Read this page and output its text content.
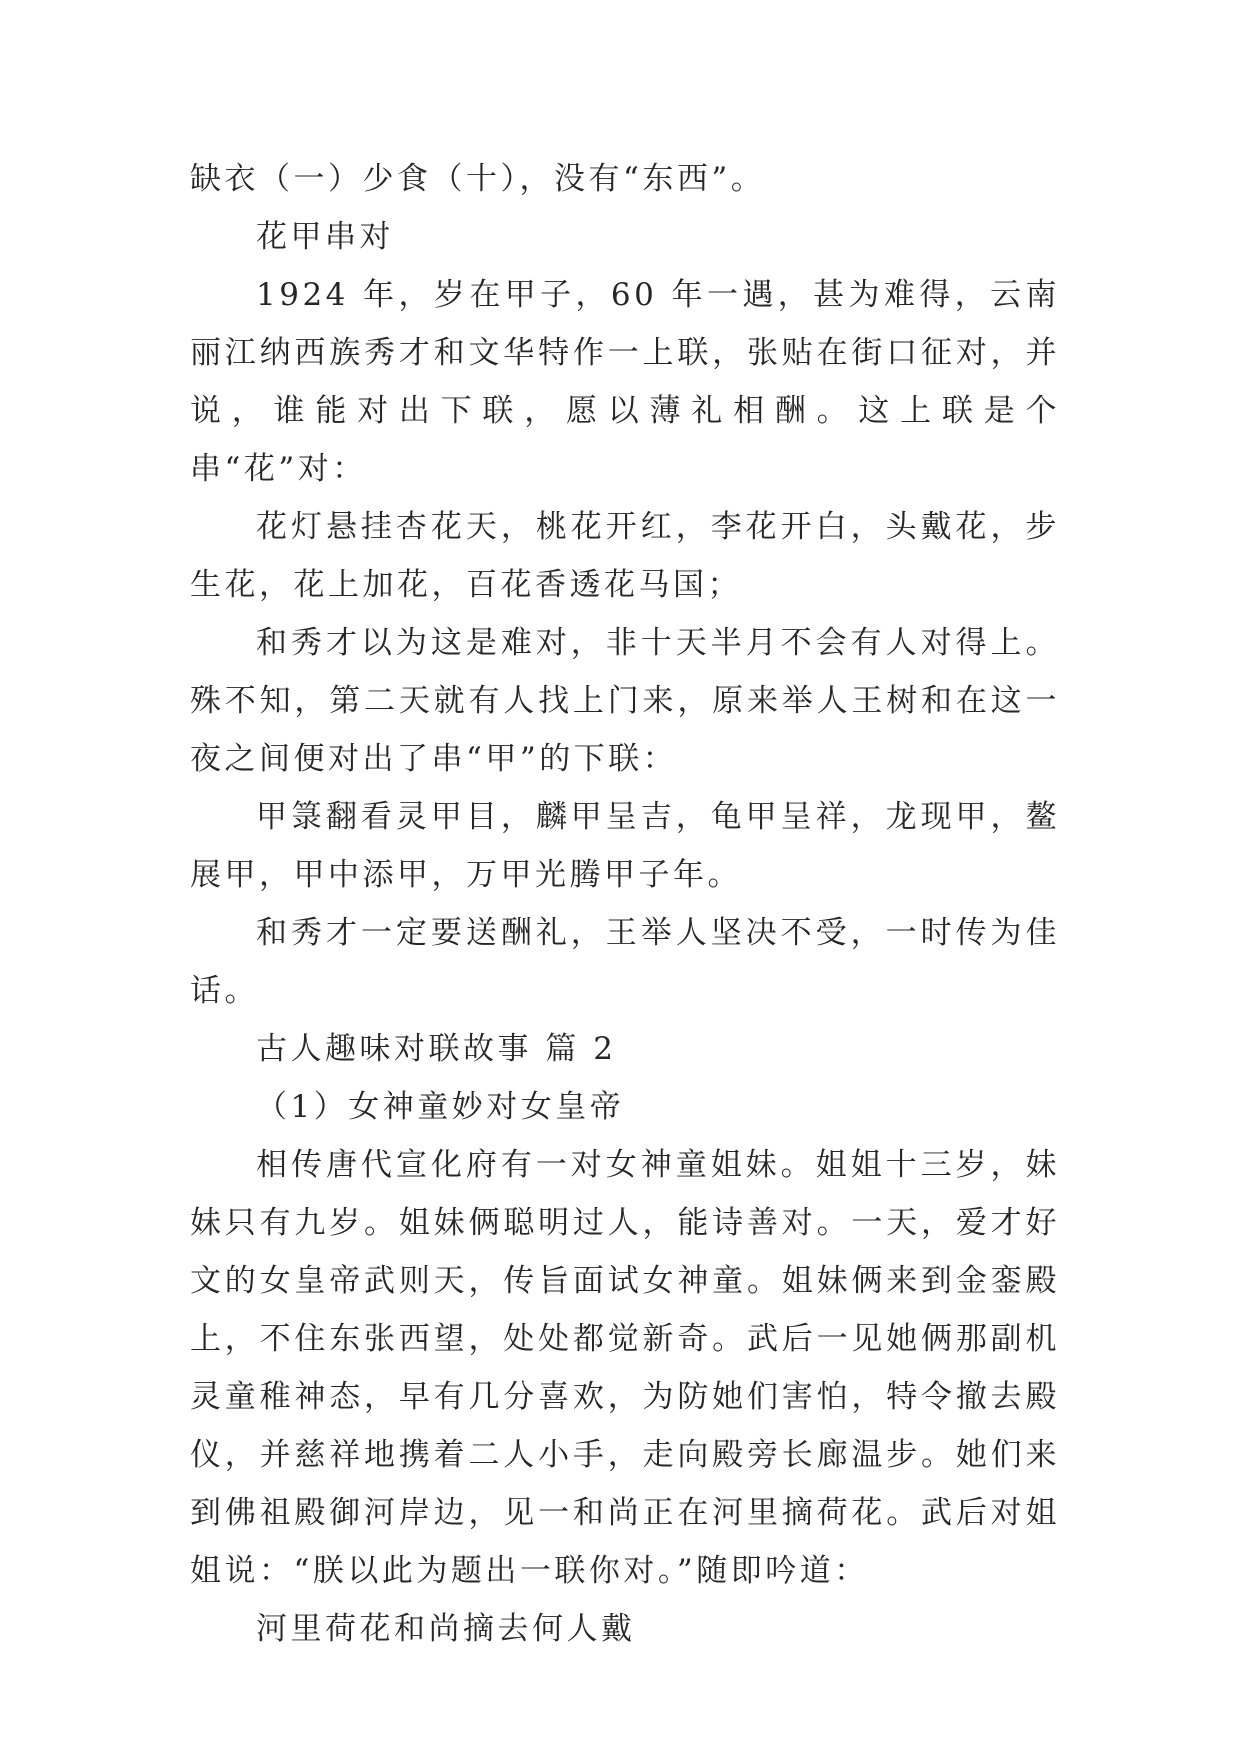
缺衣（一）少食（十），没有“东西”。

花甲串对

1924 年，岁在甲子，60 年一遇，甚为难得，云南丽江纳西族秀才和文华特作一上联，张贴在街口征对，并说，谁能对出下联，愿以薄礼相酬。这上联是个串“花”对：

花灯悬挂杏花天，桃花开红，李花开白，头戴花，步生花，花上加花，百花香透花马国；

和秀才以为这是难对，非十天半月不会有人对得上。殊不知，第二天就有人找上门来，原来举人王树和在这一夜之间便对出了串“甲”的下联：

甲箓翻看灵甲目，麟甲呈吉，龟甲呈祥，龙现甲，鳌展甲，甲中添甲，万甲光腾甲子年。

和秀才一定要送酬礼，王举人坚决不受，一时传为佳话。

古人趣味对联故事 篇 2

（1）女神童妙对女皇帝

相传唐代宣化府有一对女神童姐妹。姐姐十三岁，妹妹只有九岁。姐妹俩聪明过人，能诗善对。一天，爱才好文的女皇帝武则天，传旨面试女神童。姐妹俩来到金銮殿上，不住东张西望，处处都觉新奇。武后一见她俩那副机灵童稚神态，早有几分喜欢，为防她们害怕，特令撤去殿仪，并慈祥地携着二人小手，走向殿旁长廊温步。她们来到佛祖殿御河岸边，见一和尚正在河里摘荷花。武后对姐姐说：“朕以此为题出一联你对。”随即吟道：

河里荷花和尚摘去何人戴
